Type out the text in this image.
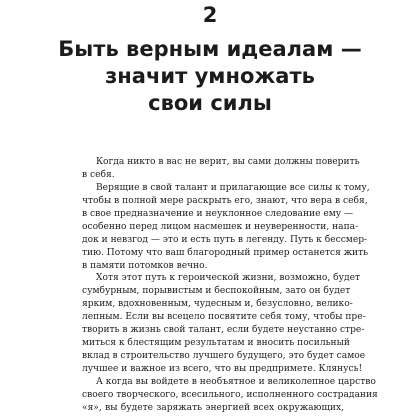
2
Быть верным идеалам —
значит умножать
свои силы
Когда никто в вас не верит, вы сами должны поверить
в себя.
Верящие в свой талант и прилагающие все силы к тому,
чтобы в полной мере раскрыть его, знают, что вера в себя,
в свое предназначение и неуклонное следование ему —
особенно перед лицом насмешек и неуверенности, напа-
док и невзгод — это и есть путь в легенду. Путь к бессмер-
тию. Потому что ваш благородный пример останется жить
в памяти потомков вечно.
Хотя этот путь к героической жизни, возможно, будет
сумбурным, порывистым и беспокойным, зато он будет
ярким, вдохновенным, чудесным и, безусловно, велико-
лепным. Если вы всецело посвятите себя тому, чтобы пре-
творить в жизнь свой талант, если будете неустанно стре-
миться к блестящим результатам и вносить посильный
вклад в строительство лучшего будущего, это будет самое
лучшее и важное из всего, что вы предпримете. Клянусь!
А когда вы войдете в необъятное и великолепное царство
своего творческого, всесильного, исполненного сострадания
«я», вы будете заряжать энергией всех окружающих,
